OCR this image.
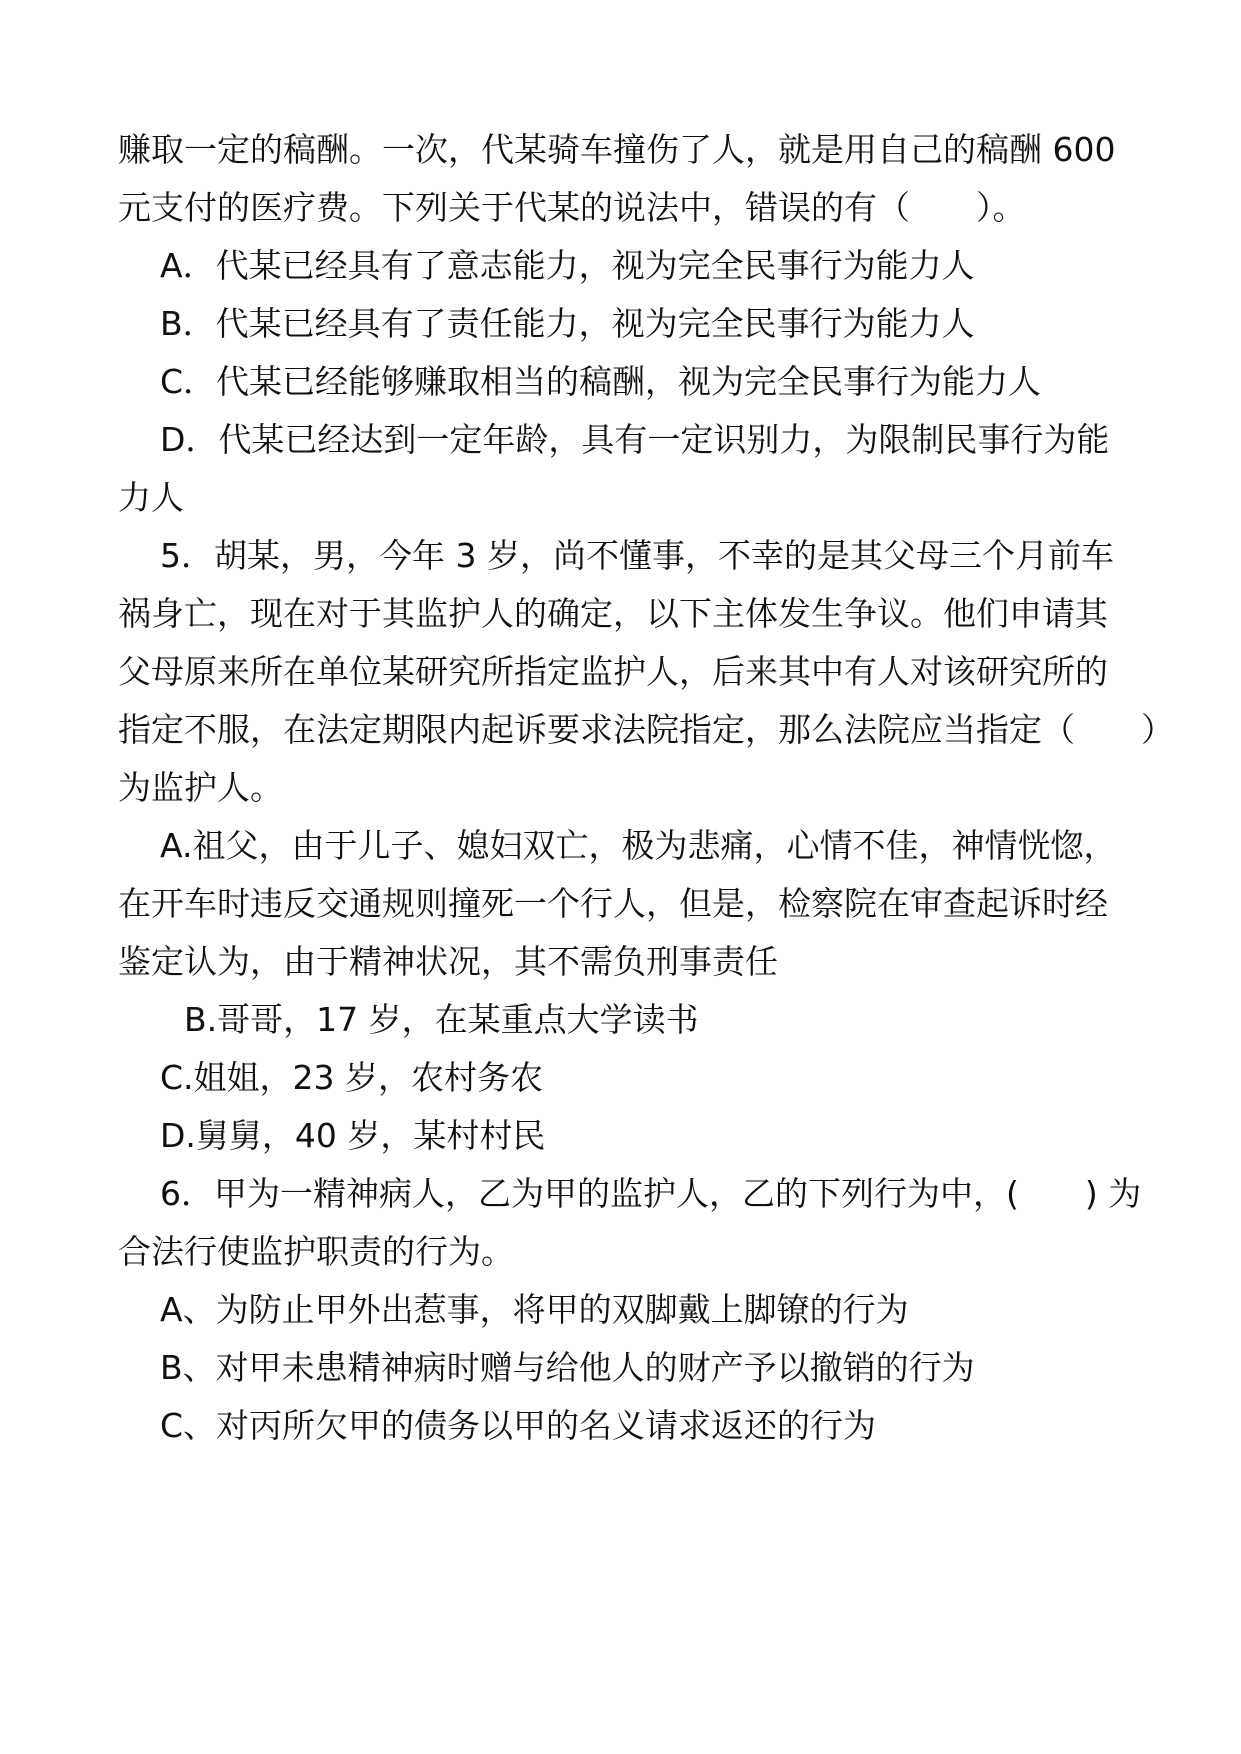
赚取一定的稿酬。一次，代某骑车撞伤了人，就是用自己的稿酬 600
元支付的医疗费。下列关于代某的说法中，错误的有（　　）。
A．代某已经具有了意志能力，视为完全民事行为能力人
B．代某已经具有了责任能力，视为完全民事行为能力人
C．代某已经能够赚取相当的稿酬，视为完全民事行为能力人
D．代某已经达到一定年龄，具有一定识别力，为限制民事行为能
力人
5．胡某，男，今年 3 岁，尚不懂事，不幸的是其父母三个月前车
祸身亡，现在对于其监护人的确定，以下主体发生争议。他们申请其
父母原来所在单位某研究所指定监护人，后来其中有人对该研究所的
指定不服，在法定期限内起诉要求法院指定，那么法院应当指定（　　）
为监护人。
A.祖父，由于儿子、媳妇双亡，极为悲痛，心情不佳，神情恍惚，
在开车时违反交通规则撞死一个行人，但是，检察院在审查起诉时经
鉴定认为，由于精神状况，其不需负刑事责任
B.哥哥，17 岁，在某重点大学读书
C.姐姐，23 岁，农村务农
D.舅舅，40 岁，某村村民
6．甲为一精神病人，乙为甲的监护人，乙的下列行为中，(　　) 为
合法行使监护职责的行为。
A、为防止甲外出惹事，将甲的双脚戴上脚镣的行为
B、对甲未患精神病时赠与给他人的财产予以撤销的行为
C、对丙所欠甲的债务以甲的名义请求返还的行为
